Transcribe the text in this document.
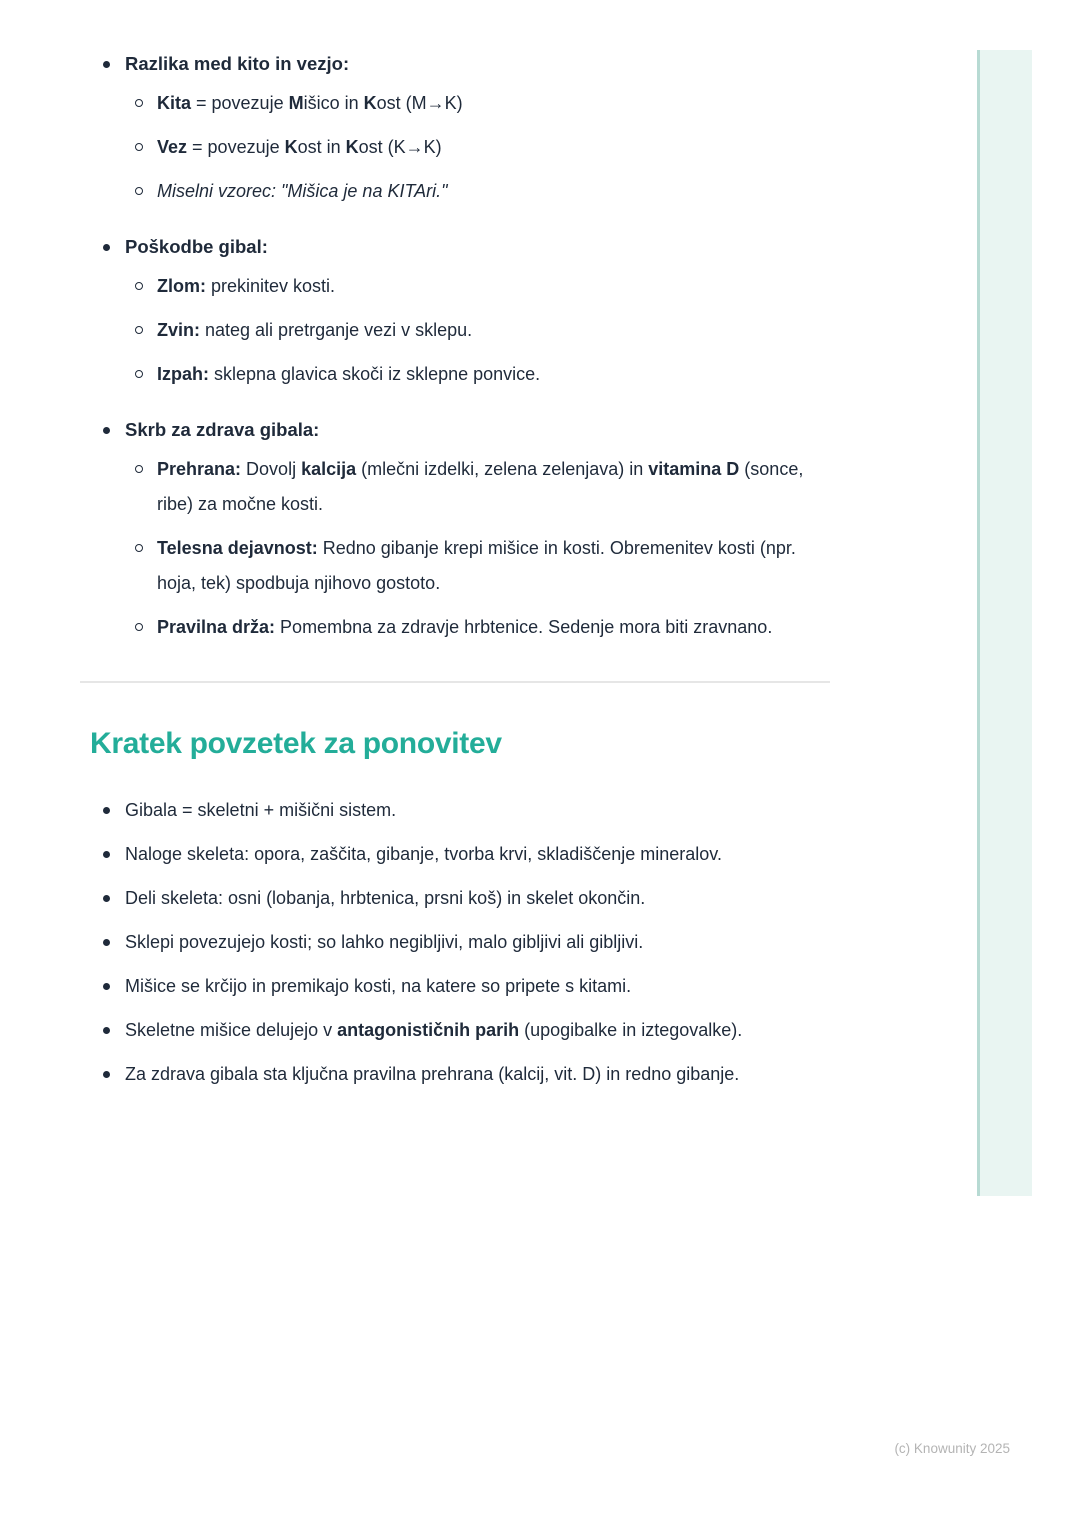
Razlika med kito in vezjo:
Kita = povezuje Mišico in Kost (M→K)
Vez = povezuje Kost in Kost (K→K)
Miselni vzorec: "Mišica je na KITAri."
Poškodbe gibal:
Zlom: prekinitev kosti.
Zvin: nateg ali pretrganje vezi v sklepu.
Izpah: sklepna glavica skoči iz sklepne ponvice.
Skrb za zdrava gibala:
Prehrana: Dovolj kalcija (mlečni izdelki, zelena zelenjava) in vitamina D (sonce, ribe) za močne kosti.
Telesna dejavnost: Redno gibanje krepi mišice in kosti. Obremenitev kosti (npr. hoja, tek) spodbuja njihovo gostoto.
Pravilna drža: Pomembna za zdravje hrbtenice. Sedenje mora biti zravnano.
Kratek povzetek za ponovitev
Gibala = skeletni + mišični sistem.
Naloge skeleta: opora, zaščita, gibanje, tvorba krvi, skladiščenje mineralov.
Deli skeleta: osni (lobanja, hrbtenica, prsni koš) in skelet okončin.
Sklepi povezujejo kosti; so lahko negibljivi, malo gibljivi ali gibljivi.
Mišice se krčijo in premikajo kosti, na katere so pripete s kitami.
Skeletne mišice delujejo v antagonističnih parih (upogibalke in iztegovalke).
Za zdrava gibala sta ključna pravilna prehrana (kalcij, vit. D) in redno gibanje.
(c) Knowunity 2025
